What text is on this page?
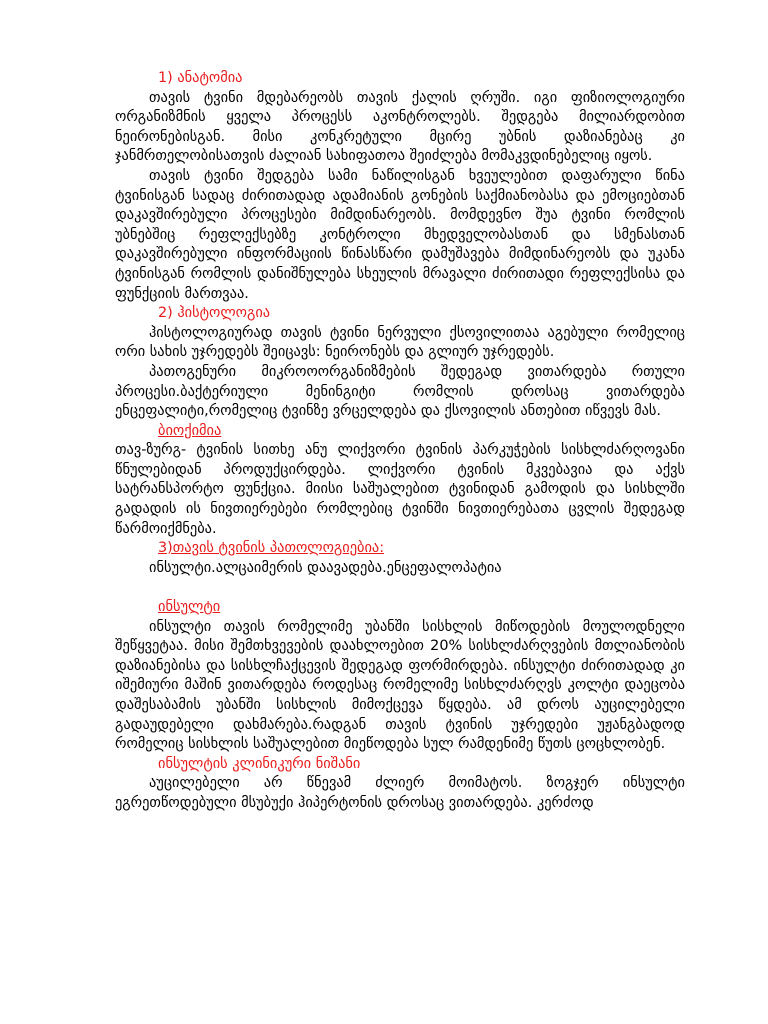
1) ანატომია

თავის ტვინი მდებარეობს თავის ქალის ღრუში. იგი ფიზიოლოგიური ორგანიზმნის ყველა პროცესს აკონტროლებს. შედგება მილიარდობით ნეირონებისგან. მისი კონკრეტული მცირე უბნის დაზიანებაც კი ჯანმრთელობისათვის ძალიან სახიფათოა შეიძლება მომაკვდინებელიც იყოს.

თავის ტვინი შედგება სამი ნაწილისგან ხვეულებით დაფარული წინა ტვინისგან სადაც ძირითადად ადამიანის გონების საქმიანობასა და ემოციებთან დაკავშირებული პროცესები მიმდინარეობს. მომდევნო შუა ტვინი რომლის უბნებშიც რეფლექსებზე კონტროლი მხედველობასთან და სმენასთან დაკავშირებული ინფორმაციის წინასწარი დამუშავება მიმდინარეობს და უკანა ტვინისგან რომლის დანიშნულება სხეულის მრავალი ძირითადი რეფლექსისა და ფუნქციის მართვაა.

2) ჰისტოლოგია

ჰისტოლოგიურად თავის ტვინი ნერვული ქსოვილითაა აგებული რომელიც ორი სახის უჯრედებს შეიცავს: ნეირონებს და გლიურ უჯრედებს.

პათოგენური მიკროოორგანიზმების შედეგად ვითარდება რთული პროცესი.ბაქტერიული მენინგიტი რომლის დროსაც ვითარდება ენცეფალიტი,რომელიც ტვინზე ვრცელდება და ქსოვილის ანთებით იწვევს მას.

ბიოქიმია

თავ-ზურგ- ტვინის სითხე ანუ ლიქვორი ტვინის პარკუჭების სისხლძარღოვანი წნულებიდან პროდუქცირდება. ლიქვორი ტვინის მკვებავია და აქვს სატრანსპორტო ფუნქცია. მიისი საშუალებით ტვინიდან გამოდის და სისხლში გადადის ის ნივთიერებები რომლებიც ტვინში ნივთიერებათა ცვლის შედეგად წარმოიქმნება.

3)თავის ტვინის პათოლოგიებია:

ინსულტი.ალცაიმერის დაავადება.ენცეფალოპატია

ინსულტი

ინსულტი თავის რომელიმე უბანში სისხლის მიწოდების მოულოდნელი შეწყვეტაა. მისი შემთხვევების დაახლოებით 20% სისხლძარღვების მთლიანობის დაზიანებისა და სისხლჩაქცევის შედეგად ფორმირდება. ინსულტი ძირითადად კი იშემიური მაშინ ვითარდება როდესაც რომელიმე სისხლძარღვს კოლტი დაეცობა დაშესაბამის უბანში სისხლის მიმოქცევა წყდება. ამ დროს აუცილებელი გადაუდებელი დახმარება.რადგან თავის ტვინის უჯრედები უჟანგბადოდ რომელიც სისხლის საშუალებით მიეწოდება სულ რამდენიმე წუთს ცოცხლობენ.

ინსულტის კლინიკური ნიშანი

აუცილებელი არ წნევამ ძლიერ მოიმატოს. ზოგჯერ ინსულტი ეგრეთწოდებული მსუბუქი ჰიპერტონის დროსაც ვითარდება. კერძოდ
